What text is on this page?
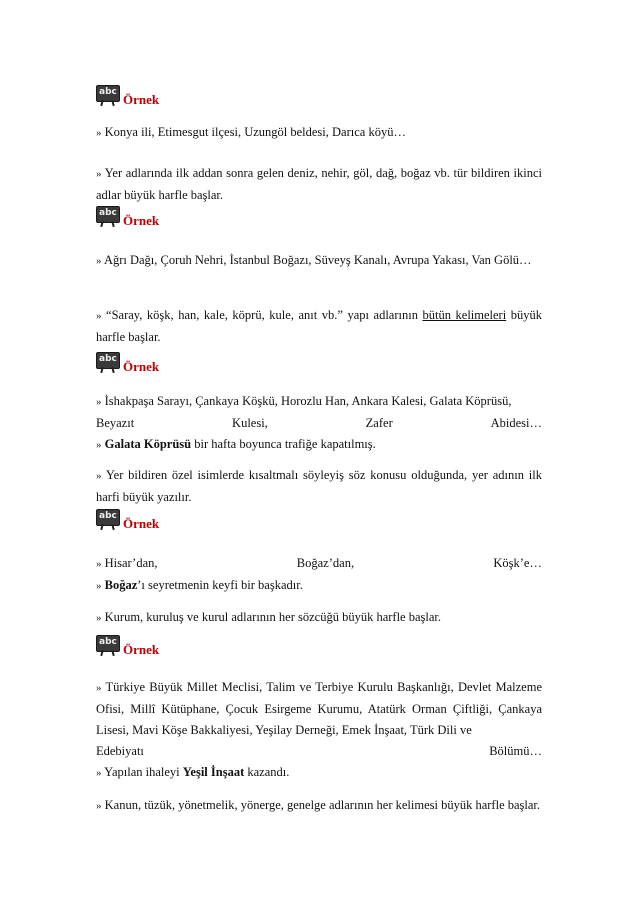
abc Örnek
» Konya ili, Etimesgut ilçesi, Uzungöl beldesi, Darıca köyü…
» Yer adlarında ilk addan sonra gelen deniz, nehir, göl, dağ, boğaz vb. tür bildiren ikinci adlar büyük harfle başlar.
abc Örnek
» Ağrı Dağı, Çoruh Nehri, İstanbul Boğazı, Süveyş Kanalı, Avrupa Yakası, Van Gölü…
» “Saray, köşk, han, kale, köprü, kule, anıt vb.” yapı adlarının bütün kelimeleri büyük harfle başlar.
abc Örnek
» İshakpaşa Sarayı, Çankaya Köşkü, Horozlu Han, Ankara Kalesi, Galata Köprüsü,
Beyazıt	Kulesi,	Zafer	Abidesi…
» Galata Köprüsü bir hafta boyunca trafiğe kapatılmış.
» Yer bildiren özel isimlerde kısaltmalı söyleyiş söz konusu olduğunda, yer adının ilk harfi büyük yazılır.
abc Örnek
» Hisar’dan,	Boğaz’dan,	Köşk’e…
» Boğaz’ı seyretmenin keyfi bir başkadır.
» Kurum, kuruluş ve kurul adlarının her sözcüğü büyük harfle başlar.
abc Örnek
» Türkiye Büyük Millet Meclisi, Talim ve Terbiye Kurulu Başkanlığı, Devlet Malzeme Ofisi, Millî Kütüphane, Çocuk Esirgeme Kurumu, Atatürk Orman Çiftliği, Çankaya Lisesi, Mavi Köşe Bakkaliyesi, Yeşilay Derneği, Emek İnşaat, Türk Dili ve
Edebiyatı	Bölümü…
» Yapılan ihaleyi Yeşil İnşaat kazandı.
» Kanun, tüzük, yönetmelik, yönerge, genelge adlarının her kelimesi büyük harfle başlar.
